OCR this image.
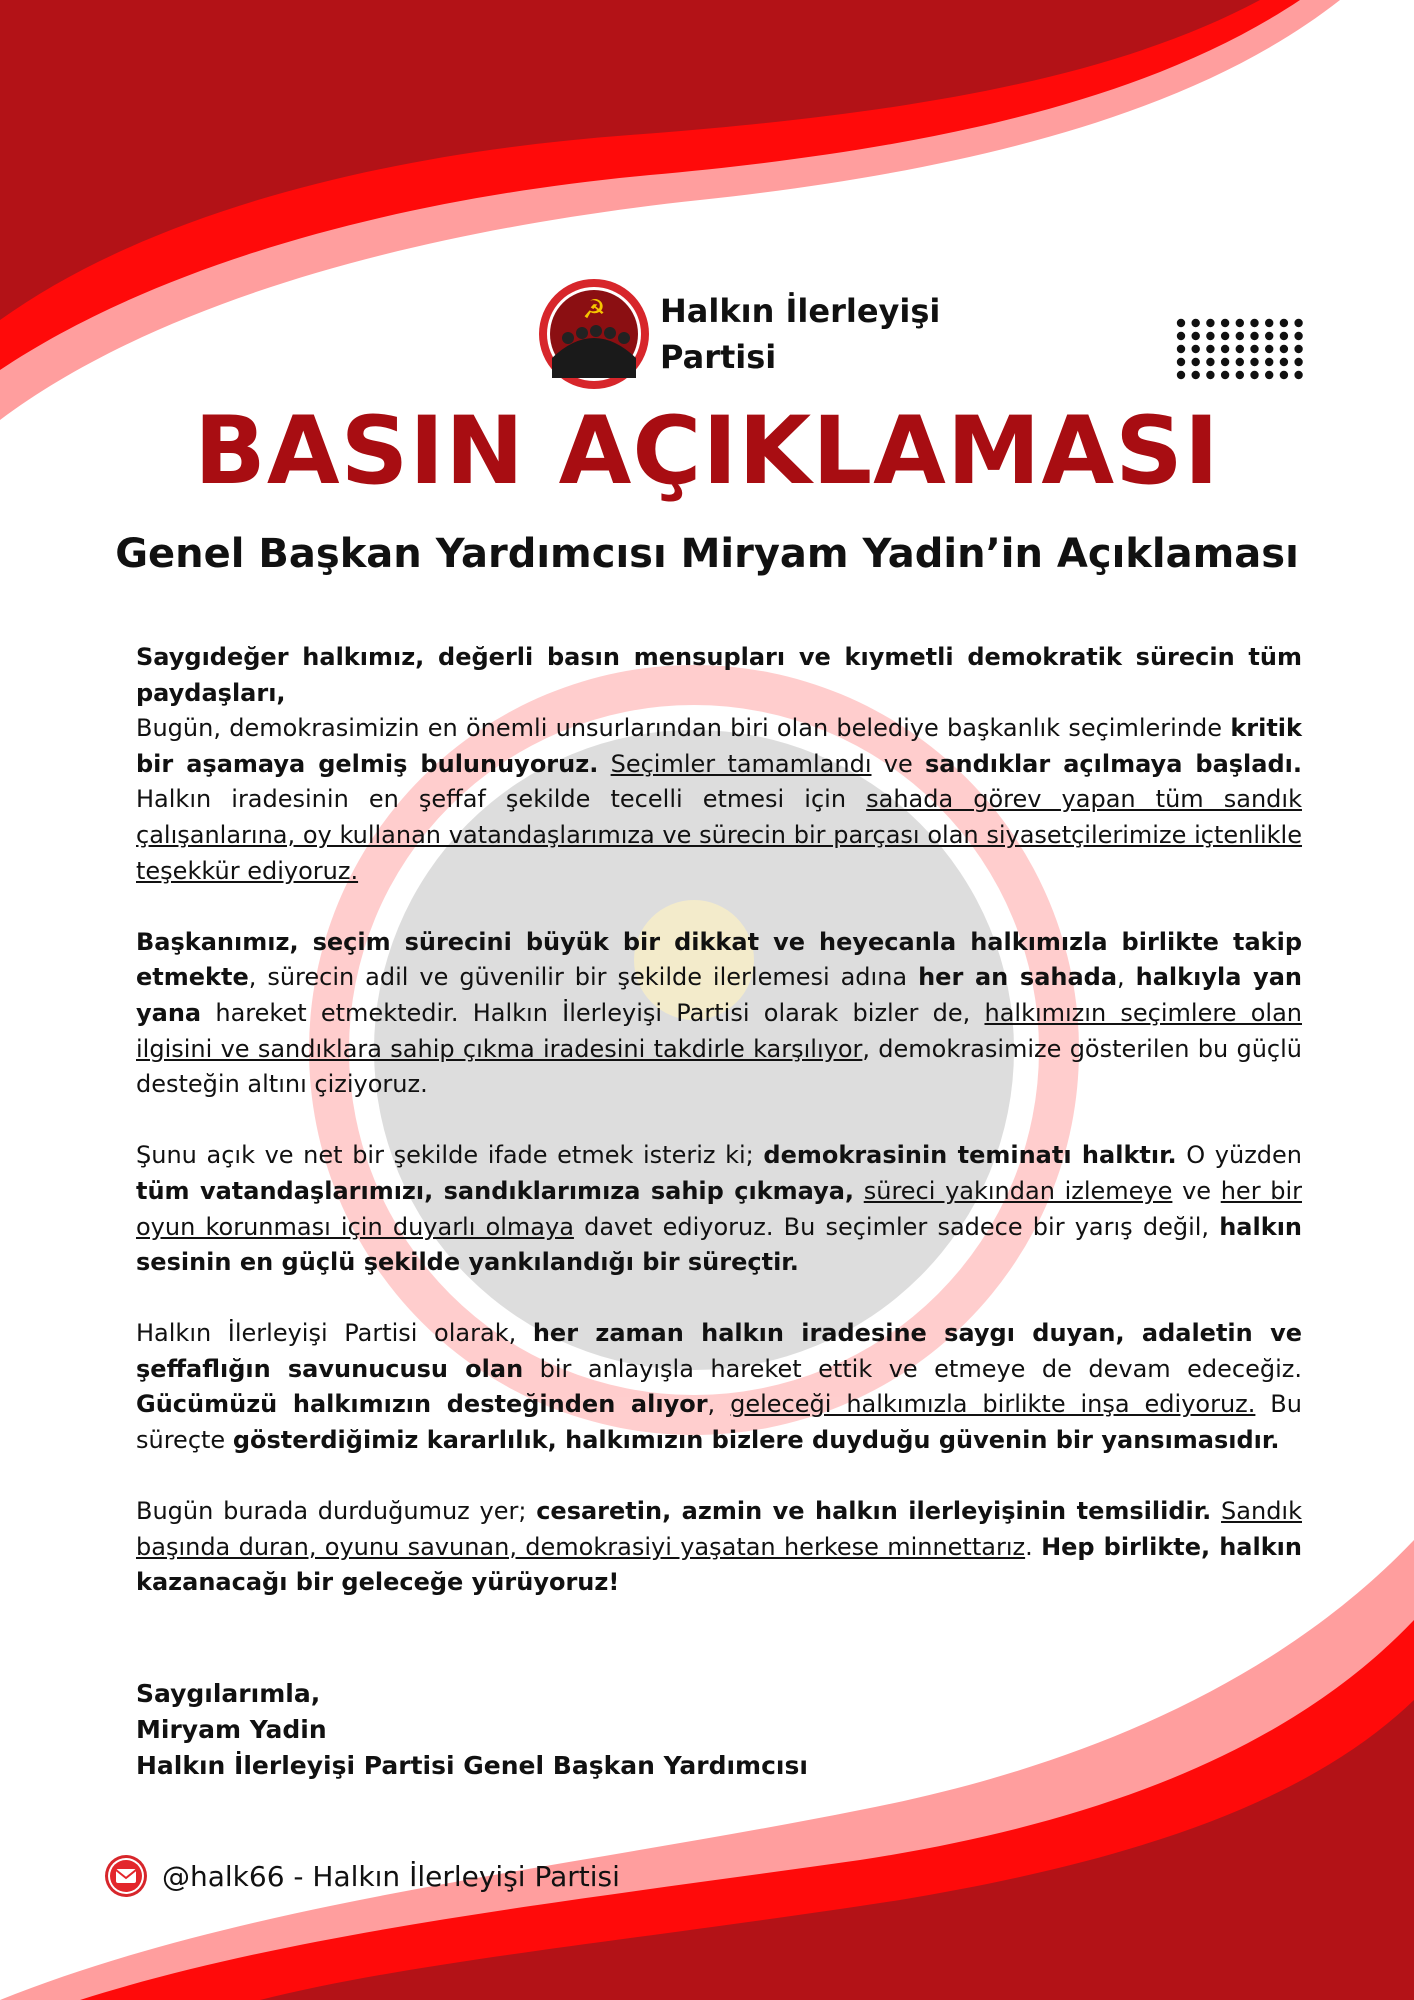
☭ Halkın İlerleyişi Partisi
BASIN AÇIKLAMASI
Genel Başkan Yardımcısı Miryam Yadin’in Açıklaması

Saygıdeğer halkımız, değerli basın mensupları ve kıymetli demokratik sürecin tüm paydaşları,
Bugün, demokrasimizin en önemli unsurlarından biri olan belediye başkanlık seçimlerinde kritik bir aşamaya gelmiş bulunuyoruz. Seçimler tamamlandı ve sandıklar açılmaya başladı. Halkın iradesinin en şeffaf şekilde tecelli etmesi için sahada görev yapan tüm sandık çalışanlarına, oy kullanan vatandaşlarımıza ve sürecin bir parçası olan siyasetçilerimize içtenlikle teşekkür ediyoruz.

Başkanımız, seçim sürecini büyük bir dikkat ve heyecanla halkımızla birlikte takip etmekte, sürecin adil ve güvenilir bir şekilde ilerlemesi adına her an sahada, halkıyla yan yana hareket etmektedir. Halkın İlerleyişi Partisi olarak bizler de, halkımızın seçimlere olan ilgisini ve sandıklara sahip çıkma iradesini takdirle karşılıyor, demokrasimize gösterilen bu güçlü desteğin altını çiziyoruz.

Şunu açık ve net bir şekilde ifade etmek isteriz ki; demokrasinin teminatı halktır. O yüzden tüm vatandaşlarımızı, sandıklarımıza sahip çıkmaya, süreci yakından izlemeye ve her bir oyun korunması için duyarlı olmaya davet ediyoruz. Bu seçimler sadece bir yarış değil, halkın sesinin en güçlü şekilde yankılandığı bir süreçtir.

Halkın İlerleyişi Partisi olarak, her zaman halkın iradesine saygı duyan, adaletin ve şeffaflığın savunucusu olan bir anlayışla hareket ettik ve etmeye de devam edeceğiz. Gücümüzü halkımızın desteğinden alıyor, geleceği halkımızla birlikte inşa ediyoruz. Bu süreçte gösterdiğimiz kararlılık, halkımızın bizlere duyduğu güvenin bir yansımasıdır.

Bugün burada durduğumuz yer; cesaretin, azmin ve halkın ilerleyişinin temsilidir. Sandık başında duran, oyunu savunan, demokrasiyi yaşatan herkese minnettarız. Hep birlikte, halkın kazanacağı bir geleceğe yürüyoruz!

Saygılarımla,
Miryam Yadin
Halkın İlerleyişi Partisi Genel Başkan Yardımcısı
@halk66 - Halkın İlerleyişi Partisi
